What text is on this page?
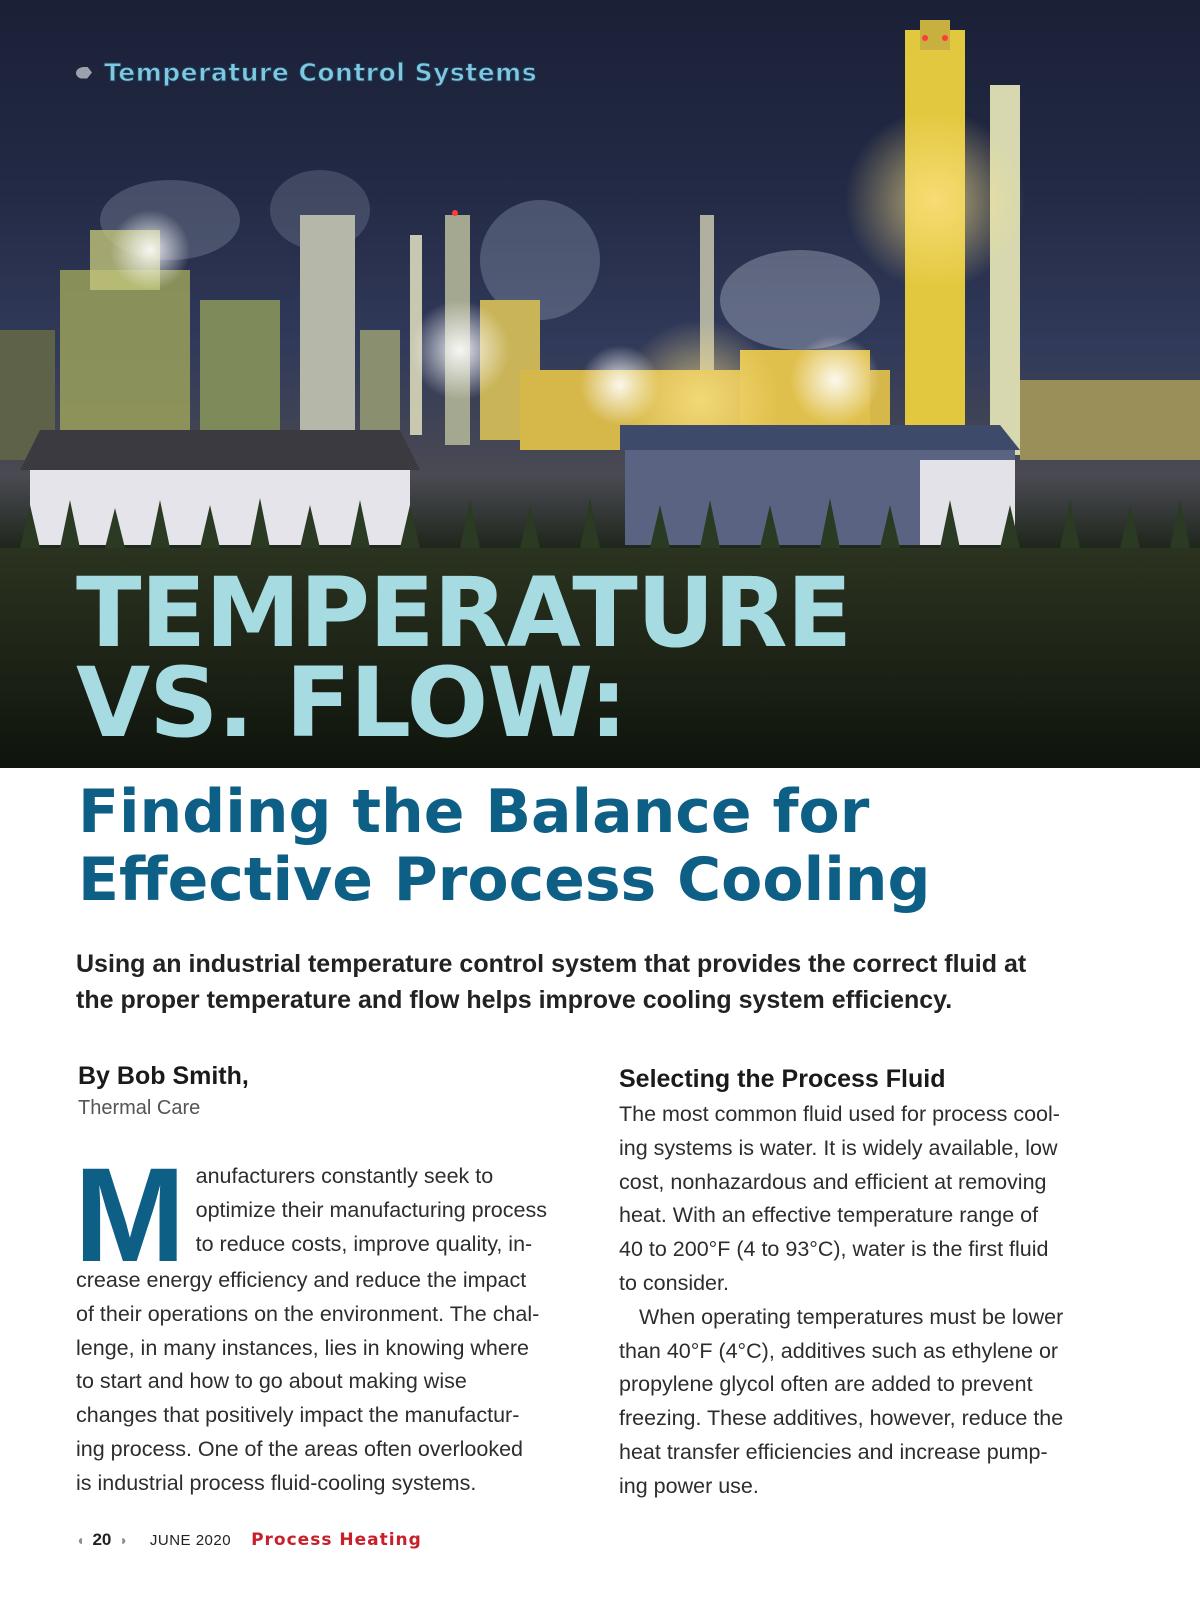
Temperature Control Systems
TEMPERATURE
VS. FLOW:
Finding the Balance for
Effective Process Cooling
Using an industrial temperature control system that provides the correct fluid at
the proper temperature and flow helps improve cooling system efficiency.
By Bob Smith,
Thermal Care
M anufacturers constantly seek to
optimize their manufacturing process
to reduce costs, improve quality, in-
crease energy efficiency and reduce the impact
of their operations on the environment. The chal-
lenge, in many instances, lies in knowing where
to start and how to go about making wise
changes that positively impact the manufactur-
ing process. One of the areas often overlooked
is industrial process fluid-cooling systems.
Selecting the Process Fluid
The most common fluid used for process cool-
ing systems is water. It is widely available, low
cost, nonhazardous and efficient at removing
heat. With an effective temperature range of
40 to 200°F (4 to 93°C), water is the first fluid
to consider.
When operating temperatures must be lower
than 40°F (4°C), additives such as ethylene or
propylene glycol often are added to prevent
freezing. These additives, however, reduce the
heat transfer efficiencies and increase pump-
ing power use.
◖ 20 ◗ JUNE 2020 Process Heating
